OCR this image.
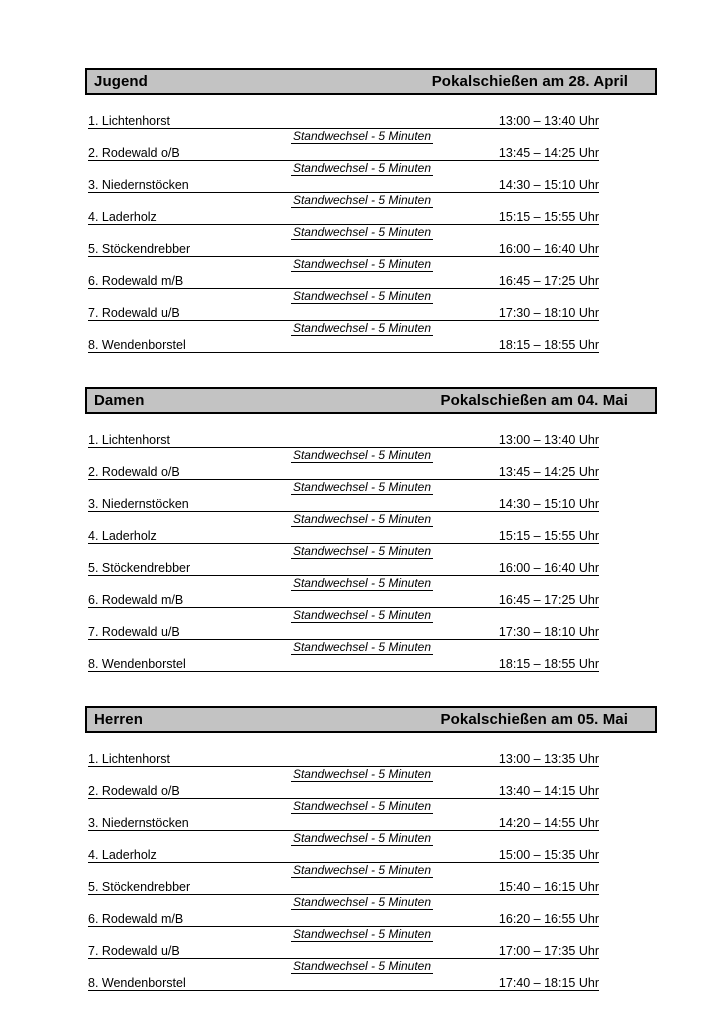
Jugend	Pokalschießen am 28. April
1. Lichtenhorst	13:00 – 13:40 Uhr
Standwechsel - 5 Minuten
2. Rodewald o/B	13:45 – 14:25 Uhr
Standwechsel - 5 Minuten
3. Niedernstöcken	14:30 – 15:10 Uhr
Standwechsel - 5 Minuten
4. Laderholz	15:15 – 15:55 Uhr
Standwechsel - 5 Minuten
5. Stöckendrebber	16:00 – 16:40 Uhr
Standwechsel - 5 Minuten
6. Rodewald m/B	16:45 – 17:25 Uhr
Standwechsel - 5 Minuten
7. Rodewald u/B	17:30 – 18:10 Uhr
Standwechsel - 5 Minuten
8. Wendenborstel	18:15 – 18:55 Uhr
Damen	Pokalschießen am 04. Mai
1. Lichtenhorst	13:00 – 13:40 Uhr
Standwechsel - 5 Minuten
2. Rodewald o/B	13:45 – 14:25 Uhr
Standwechsel - 5 Minuten
3. Niedernstöcken	14:30 – 15:10 Uhr
Standwechsel - 5 Minuten
4. Laderholz	15:15 – 15:55 Uhr
Standwechsel - 5 Minuten
5. Stöckendrebber	16:00 – 16:40 Uhr
Standwechsel - 5 Minuten
6. Rodewald m/B	16:45 – 17:25 Uhr
Standwechsel - 5 Minuten
7. Rodewald u/B	17:30 – 18:10 Uhr
Standwechsel - 5 Minuten
8. Wendenborstel	18:15 – 18:55 Uhr
Herren	Pokalschießen am 05. Mai
1. Lichtenhorst	13:00 – 13:35 Uhr
Standwechsel - 5 Minuten
2. Rodewald o/B	13:40 – 14:15 Uhr
Standwechsel - 5 Minuten
3. Niedernstöcken	14:20 – 14:55 Uhr
Standwechsel - 5 Minuten
4. Laderholz	15:00 – 15:35 Uhr
Standwechsel - 5 Minuten
5. Stöckendrebber	15:40 – 16:15 Uhr
Standwechsel - 5 Minuten
6. Rodewald m/B	16:20 – 16:55 Uhr
Standwechsel - 5 Minuten
7. Rodewald u/B	17:00 – 17:35 Uhr
Standwechsel - 5 Minuten
8. Wendenborstel	17:40 – 18:15 Uhr
